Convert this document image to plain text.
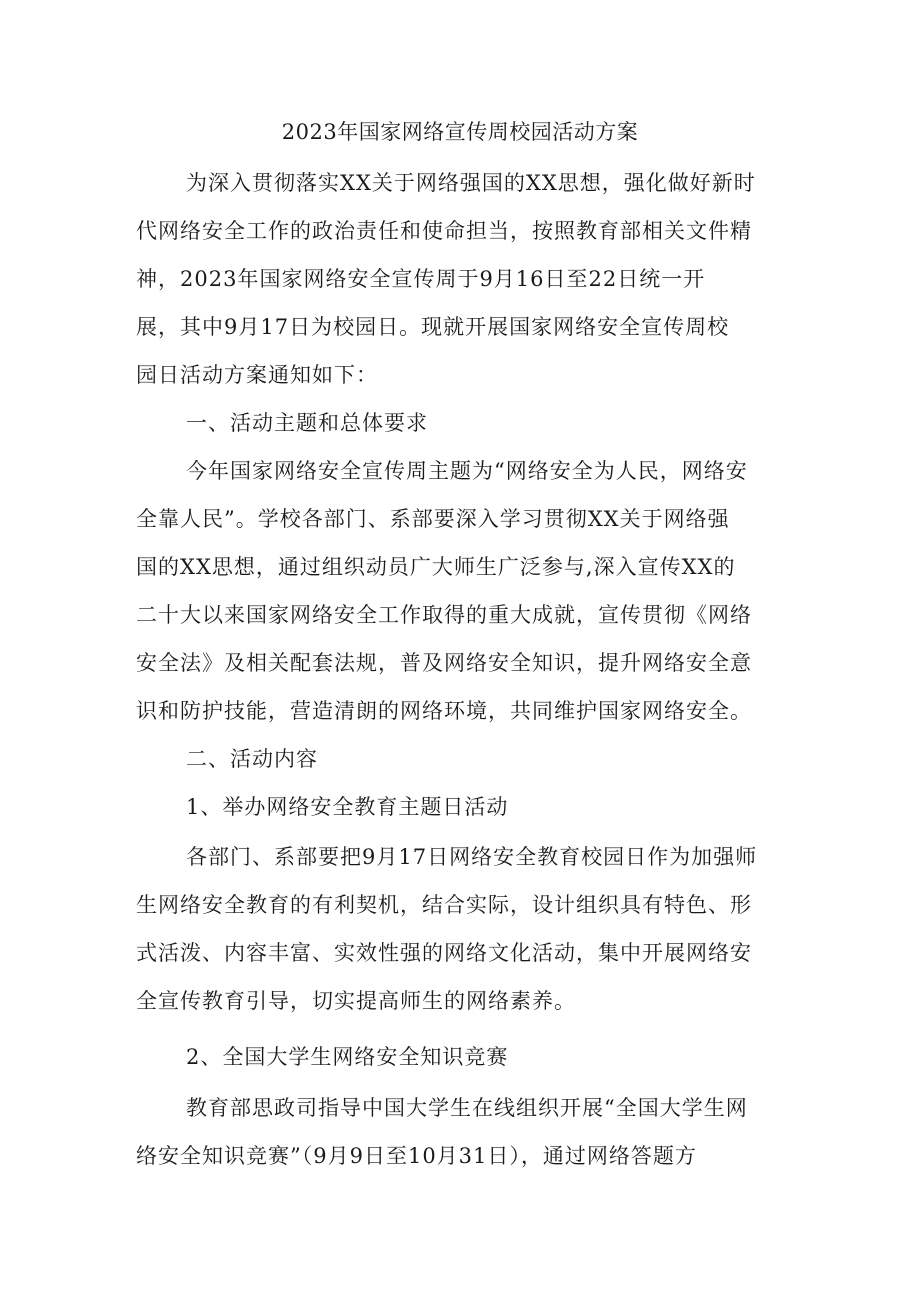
2023年国家网络宣传周校园活动方案
为深入贯彻落实XX关于网络强国的XX思想，强化做好新时
代网络安全工作的政治责任和使命担当，按照教育部相关文件精
神，2023年国家网络安全宣传周于9月16日至22日统一开
展，其中9月17日为校园日。现就开展国家网络安全宣传周校
园日活动方案通知如下：
一、活动主题和总体要求
今年国家网络安全宣传周主题为“网络安全为人民，网络安
全靠人民”。学校各部门、系部要深入学习贯彻XX关于网络强
国的XX思想，通过组织动员广大师生广泛参与,深入宣传XX的
二十大以来国家网络安全工作取得的重大成就，宣传贯彻《网络
安全法》及相关配套法规，普及网络安全知识，提升网络安全意
识和防护技能，营造清朗的网络环境，共同维护国家网络安全。
二、活动内容
1、举办网络安全教育主题日活动
各部门、系部要把9月17日网络安全教育校园日作为加强师
生网络安全教育的有利契机，结合实际，设计组织具有特色、形
式活泼、内容丰富、实效性强的网络文化活动，集中开展网络安
全宣传教育引导，切实提高师生的网络素养。
2、全国大学生网络安全知识竞赛
教育部思政司指导中国大学生在线组织开展“全国大学生网
络安全知识竞赛”（9月9日至10月31日），通过网络答题方
